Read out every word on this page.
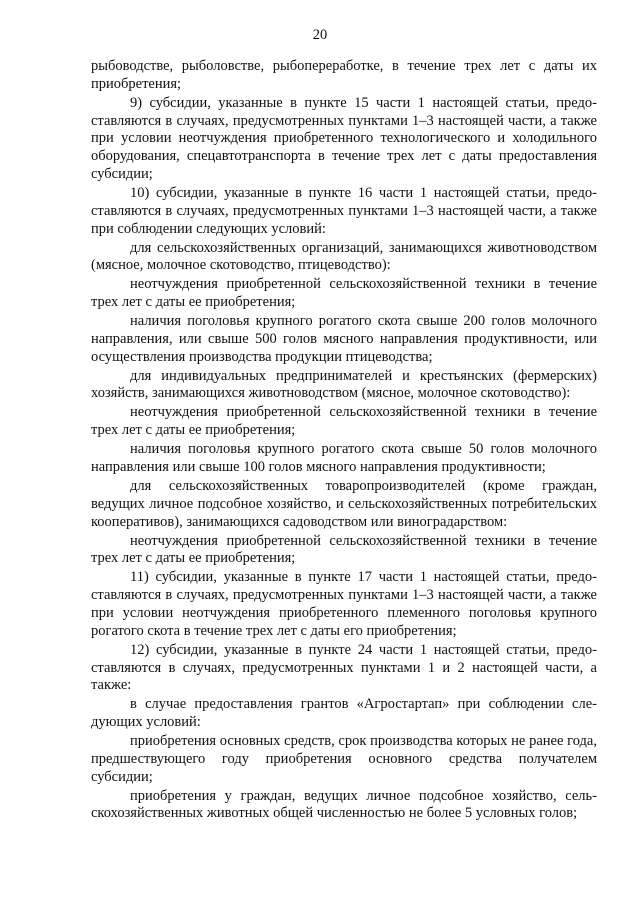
20

рыбоводстве, рыболовстве, рыбопереработке, в течение трех лет с даты их приобретения;

9) субсидии, указанные в пункте 15 части 1 настоящей статьи, предоставляются в случаях, предусмотренных пунктами 1–3 настоящей части, а также при условии неотчуждения приобретенного технологического и холодильного оборудования, спецавтотранспорта в течение трех лет с даты предоставления субсидии;

10) субсидии, указанные в пункте 16 части 1 настоящей статьи, предоставляются в случаях, предусмотренных пунктами 1–3 настоящей части, а также при соблюдении следующих условий:

для сельскохозяйственных организаций, занимающихся животноводством (мясное, молочное скотоводство, птицеводство):

неотчуждения приобретенной сельскохозяйственной техники в течение трех лет с даты ее приобретения;

наличия поголовья крупного рогатого скота свыше 200 голов молочного направления, или свыше 500 голов мясного направления продуктивности, или осуществления производства продукции птицеводства;

для индивидуальных предпринимателей и крестьянских (фермерских) хозяйств, занимающихся животноводством (мясное, молочное скотоводство):

неотчуждения приобретенной сельскохозяйственной техники в течение трех лет с даты ее приобретения;

наличия поголовья крупного рогатого скота свыше 50 голов молочного направления или свыше 100 голов мясного направления продуктивности;

для сельскохозяйственных товаропроизводителей (кроме граждан, ведущих личное подсобное хозяйство, и сельскохозяйственных потребительских кооперативов), занимающихся садоводством или виноградарством:

неотчуждения приобретенной сельскохозяйственной техники в течение трех лет с даты ее приобретения;

11) субсидии, указанные в пункте 17 части 1 настоящей статьи, предоставляются в случаях, предусмотренных пунктами 1–3 настоящей части, а также при условии неотчуждения приобретенного племенного поголовья крупного рогатого скота в течение трех лет с даты его приобретения;

12) субсидии, указанные в пункте 24 части 1 настоящей статьи, предоставляются в случаях, предусмотренных пунктами 1 и 2 настоящей части, а также:

в случае предоставления грантов «Агростартап» при соблюдении следующих условий:

приобретения основных средств, срок производства которых не ранее года, предшествующего году приобретения основного средства получателем субсидии;

приобретения у граждан, ведущих личное подсобное хозяйство, сельскохозяйственных животных общей численностью не более 5 условных голов;
